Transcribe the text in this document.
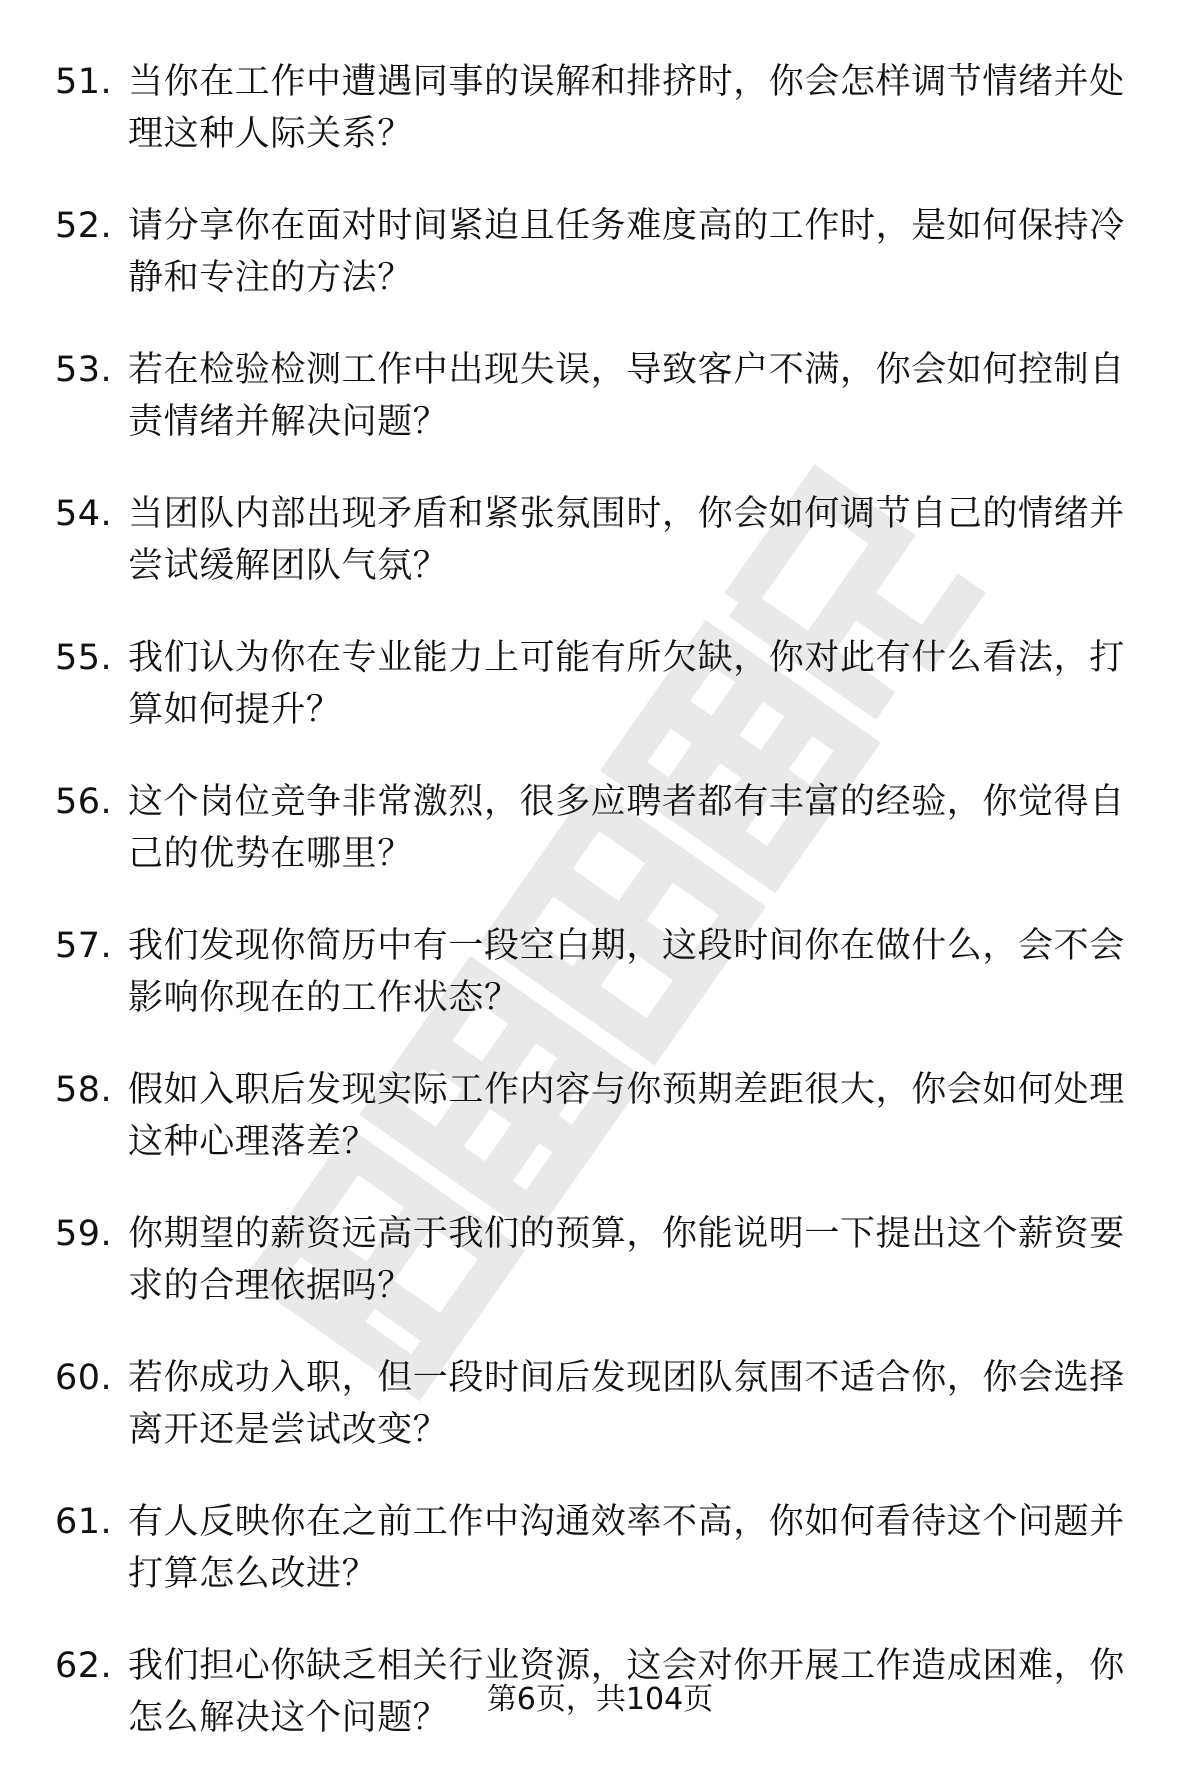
51. 当你在工作中遭遇同事的误解和排挤时，你会怎样调节情绪并处理这种人际关系？
52. 请分享你在面对时间紧迫且任务难度高的工作时，是如何保持冷静和专注的方法？
53. 若在检验检测工作中出现失误，导致客户不满，你会如何控制自责情绪并解决问题？
54. 当团队内部出现矛盾和紧张氛围时，你会如何调节自己的情绪并尝试缓解团队气氛？
55. 我们认为你在专业能力上可能有所欠缺，你对此有什么看法，打算如何提升？
56. 这个岗位竞争非常激烈，很多应聘者都有丰富的经验，你觉得自己的优势在哪里？
57. 我们发现你简历中有一段空白期，这段时间你在做什么，会不会影响你现在的工作状态？
58. 假如入职后发现实际工作内容与你预期差距很大，你会如何处理这种心理落差？
59. 你期望的薪资远高于我们的预算，你能说明一下提出这个薪资要求的合理依据吗？
60. 若你成功入职，但一段时间后发现团队氛围不适合你，你会选择离开还是尝试改变？
61. 有人反映你在之前工作中沟通效率不高，你如何看待这个问题并打算怎么改进？
62. 我们担心你缺乏相关行业资源，这会对你开展工作造成困难，你怎么解决这个问题？	第6页，共104页
